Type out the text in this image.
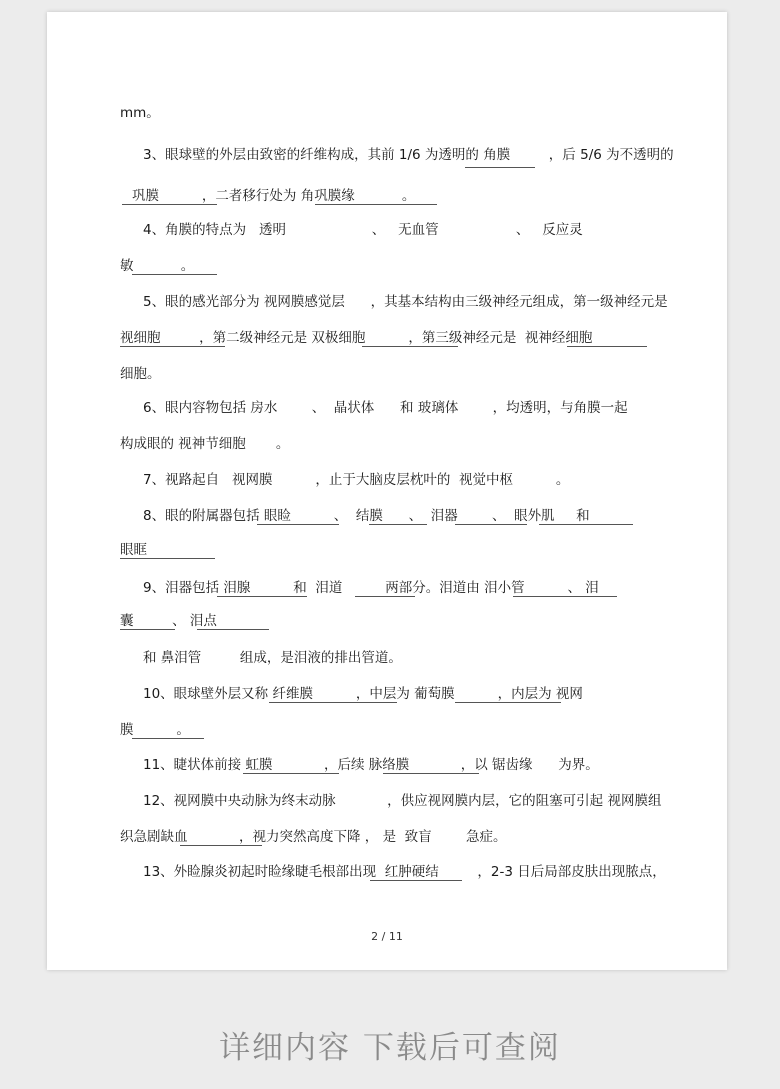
mm。
3、眼球壁的外层由致密的纤维构成，其前 1/6 为透明的 角膜         ，后 5/6 为不透明的
巩膜          ，二者移行处为 角巩膜缘           。
4、角膜的特点为   透明                    、   无血管                  、   反应灵
敏           。
5、眼的感光部分为 视网膜感觉层      ，其基本结构由三级神经元组成，第一级神经元是
视细胞         ，第二级神经元是 双极细胞          ，第三级神经元是  视神经细胞
细胞。
6、眼内容物包括 房水        、  晶状体      和 玻璃体        ，均透明，与角膜一起
构成眼的 视神节细胞       。
7、视路起自   视网膜          ，止于大脑皮层枕叶的  视觉中枢          。
8、眼的附属器包括 眼睑          、  结膜      、  泪器        、  眼外肌     和
眼眶
9、泪器包括 泪腺          和  泪道          两部分。泪道由 泪小管          、 泪
囊         、 泪点
和 鼻泪管         组成，是泪液的排出管道。
10、眼球壁外层又称 纤维膜          ，中层为 葡萄膜          ，内层为 视网
膜          。
11、睫状体前接 虹膜            ，后续 脉络膜            ，以 锯齿缘      为界。
12、视网膜中央动脉为终末动脉            ，供应视网膜内层，它的阻塞可引起 视网膜组
织急剧缺血            ，视力突然高度下降 ， 是  致盲        急症。
13、外睑腺炎初起时睑缘睫毛根部出现  红肿硬结         ，2-3 日后局部皮肤出现脓点，
2 / 11
详细内容 下载后可查阅
